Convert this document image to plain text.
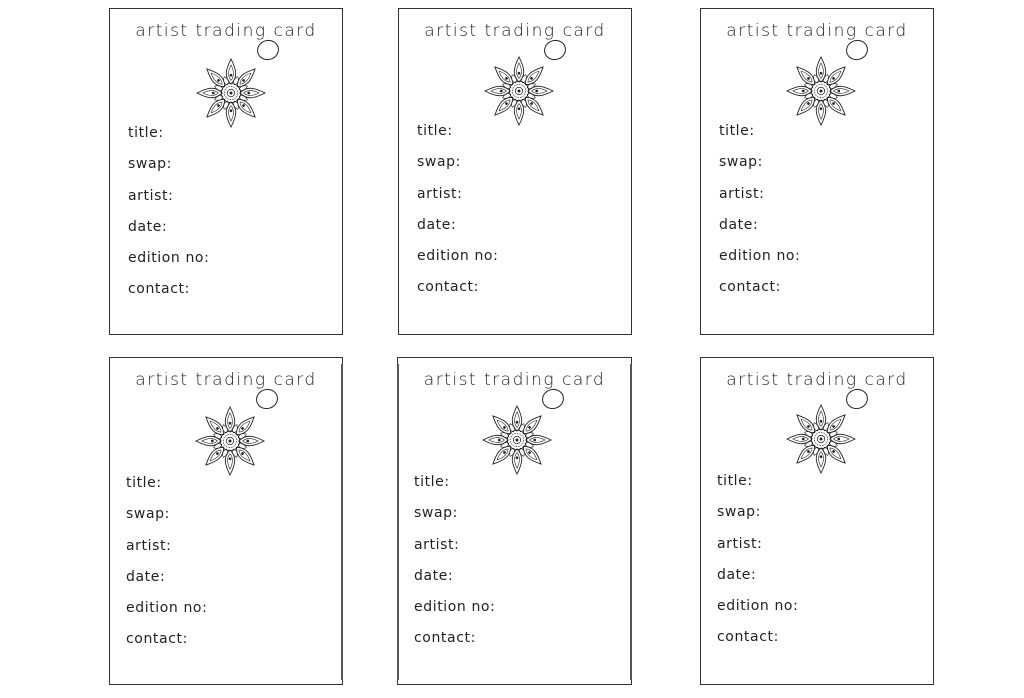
artist trading card
title:
swap:
artist:
date:
edition no:
contact:
artist trading card
title:
swap:
artist:
date:
edition no:
contact:
artist trading card
title:
swap:
artist:
date:
edition no:
contact:
artist trading card
title:
swap:
artist:
date:
edition no:
contact:
artist trading card
title:
swap:
artist:
date:
edition no:
contact:
artist trading card
title:
swap:
artist:
date:
edition no:
contact:
